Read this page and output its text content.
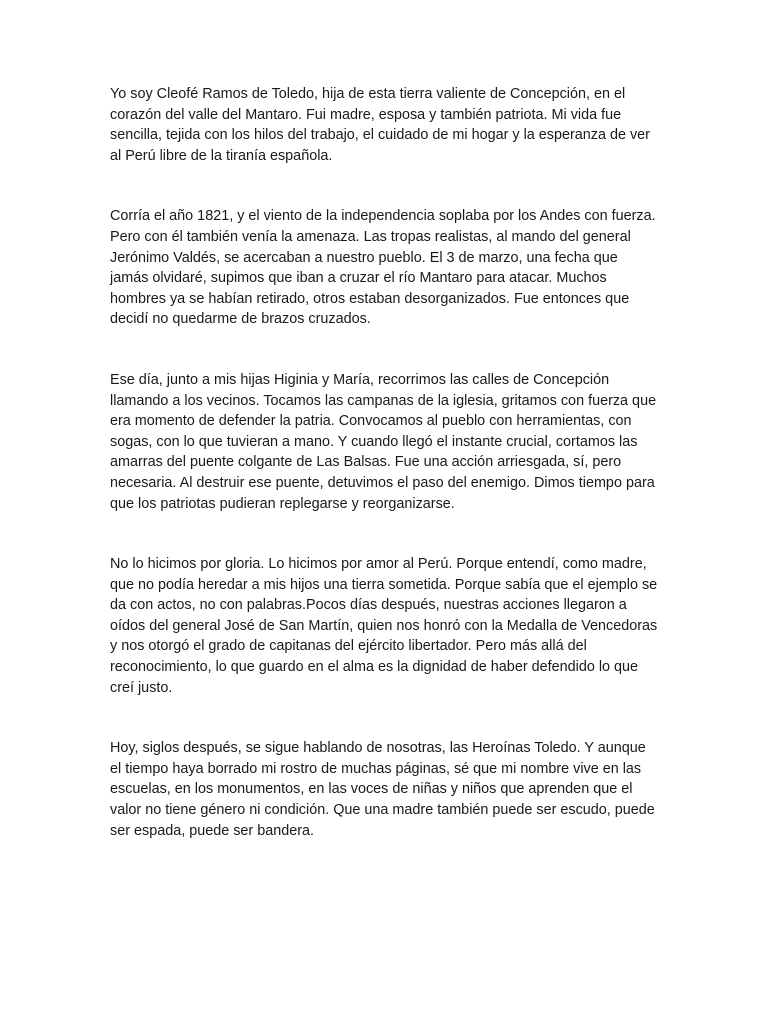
Yo soy Cleofé Ramos de Toledo, hija de esta tierra valiente de Concepción, en el corazón del valle del Mantaro. Fui madre, esposa y también patriota. Mi vida fue sencilla, tejida con los hilos del trabajo, el cuidado de mi hogar y la esperanza de ver al Perú libre de la tiranía española.

Corría el año 1821, y el viento de la independencia soplaba por los Andes con fuerza. Pero con él también venía la amenaza. Las tropas realistas, al mando del general Jerónimo Valdés, se acercaban a nuestro pueblo. El 3 de marzo, una fecha que jamás olvidaré, supimos que iban a cruzar el río Mantaro para atacar. Muchos hombres ya se habían retirado, otros estaban desorganizados. Fue entonces que decidí no quedarme de brazos cruzados.

Ese día, junto a mis hijas Higinia y María, recorrimos las calles de Concepción llamando a los vecinos. Tocamos las campanas de la iglesia, gritamos con fuerza que era momento de defender la patria. Convocamos al pueblo con herramientas, con sogas, con lo que tuvieran a mano. Y cuando llegó el instante crucial, cortamos las amarras del puente colgante de Las Balsas. Fue una acción arriesgada, sí, pero necesaria. Al destruir ese puente, detuvimos el paso del enemigo. Dimos tiempo para que los patriotas pudieran replegarse y reorganizarse.

No lo hicimos por gloria. Lo hicimos por amor al Perú. Porque entendí, como madre, que no podía heredar a mis hijos una tierra sometida. Porque sabía que el ejemplo se da con actos, no con palabras.Pocos días después, nuestras acciones llegaron a oídos del general José de San Martín, quien nos honró con la Medalla de Vencedoras y nos otorgó el grado de capitanas del ejército libertador. Pero más allá del reconocimiento, lo que guardo en el alma es la dignidad de haber defendido lo que creí justo.

Hoy, siglos después, se sigue hablando de nosotras, las Heroínas Toledo. Y aunque el tiempo haya borrado mi rostro de muchas páginas, sé que mi nombre vive en las escuelas, en los monumentos, en las voces de niñas y niños que aprenden que el valor no tiene género ni condición. Que una madre también puede ser escudo, puede ser espada, puede ser bandera.
